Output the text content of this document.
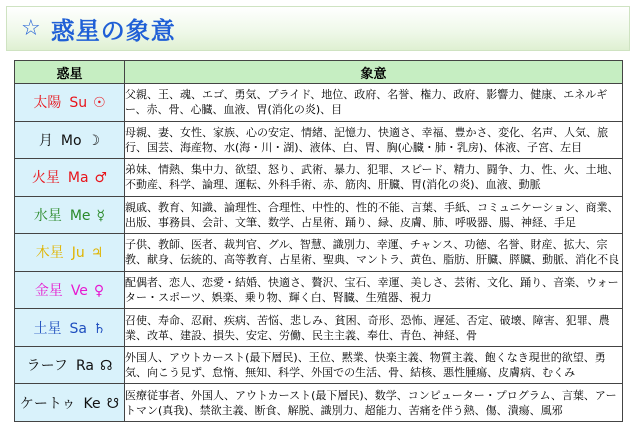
☆ 惑星の象意
惑星	象意
太陽 Su ☉	父親、王、魂、エゴ、勇気、プライド、地位、政府、名誉、権力、政府、影響力、健康、エネルギー、赤、骨、心臓、血液、胃(消化の炎)、目
月 Mo ☽	母親、妻、女性、家族、心の安定、情緒、記憶力、快適さ、幸福、豊かさ、変化、名声、人気、旅行、国芸、海産物、水(海・川・湖)、液体、白、胃、胸(心臓・肺・乳房)、体液、子宮、左目
火星 Ma ♂	弟妹、情熱、集中力、欲望、怒り、武術、暴力、犯罪、スピード、精力、闘争、力、性、火、土地、不動産、科学、論理、運転、外科手術、赤、筋肉、肝臓、胃(消化の炎)、血液、動脈
水星 Me ☿	親戚、教育、知識、論理性、合理性、中性的、性的不能、言葉、手紙、コミュニケーション、商業、出版、事務員、会計、文筆、数学、占星術、踊り、緑、皮膚、肺、呼吸器、腸、神経、手足
木星 Ju ♃	子供、教師、医者、裁判官、グル、智慧、識別力、幸運、チャンス、功徳、名誉、財産、拡大、宗教、献身、伝統的、高等教育、占星術、聖典、マントラ、黄色、脂肪、肝臓、膵臓、動脈、消化不良
金星 Ve ♀	配偶者、恋人、恋愛・結婚、快適さ、贅沢、宝石、幸運、美しさ、芸術、文化、踊り、音楽、ウォーター・スポーツ、娯楽、乗り物、輝く白、腎臓、生殖器、視力
土星 Sa ♄	召使、寿命、忍耐、疾病、苦悩、悲しみ、貧困、奇形、恐怖、遅延、否定、破壊、障害、犯罪、農業、改革、建設、損失、安定、労働、民主主義、奉仕、青色、神経、骨
ラーフ Ra ☊	外国人、アウトカースト(最下層民)、王位、黙業、快楽主義、物質主義、飽くなき現世的欲望、勇気、向こう見ず、怠惰、無知、科学、外国での生活、骨、結核、悪性腫瘍、皮膚病、むくみ
ケートゥ Ke ☋	医療従事者、外国人、アウトカースト(最下層民)、数学、コンピューター・プログラム、言葉、アートマン(真我)、禁欲主義、断食、解脱、識別力、超能力、苦痛を伴う熱、傷、潰瘍、風邪
